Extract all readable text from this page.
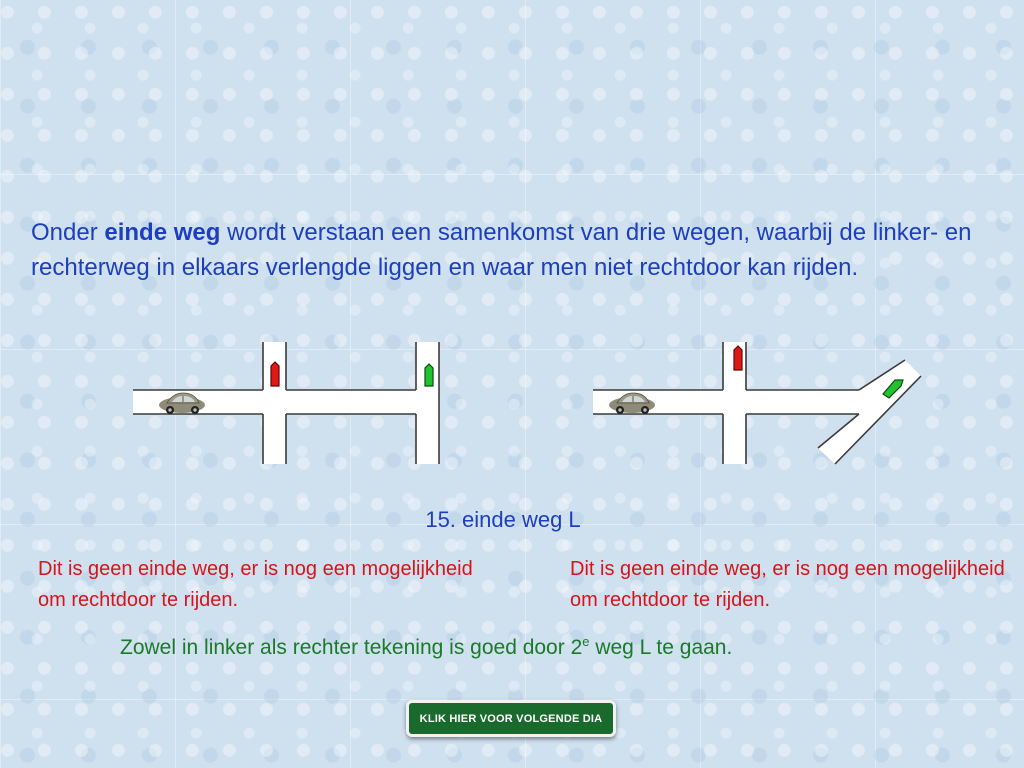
Onder einde weg wordt verstaan een samenkomst van drie wegen, waarbij de linker- en rechterweg in elkaars verlengde liggen en waar men niet rechtdoor kan rijden.

15. einde weg L
Dit is geen einde weg, er is nog een mogelijkheid om rechtdoor te rijden.
Dit is geen einde weg, er is nog een mogelijkheid om rechtdoor te rijden.
Zowel in linker als rechter tekening is goed door 2e weg L te gaan.
KLIK HIER VOOR VOLGENDE DIA
